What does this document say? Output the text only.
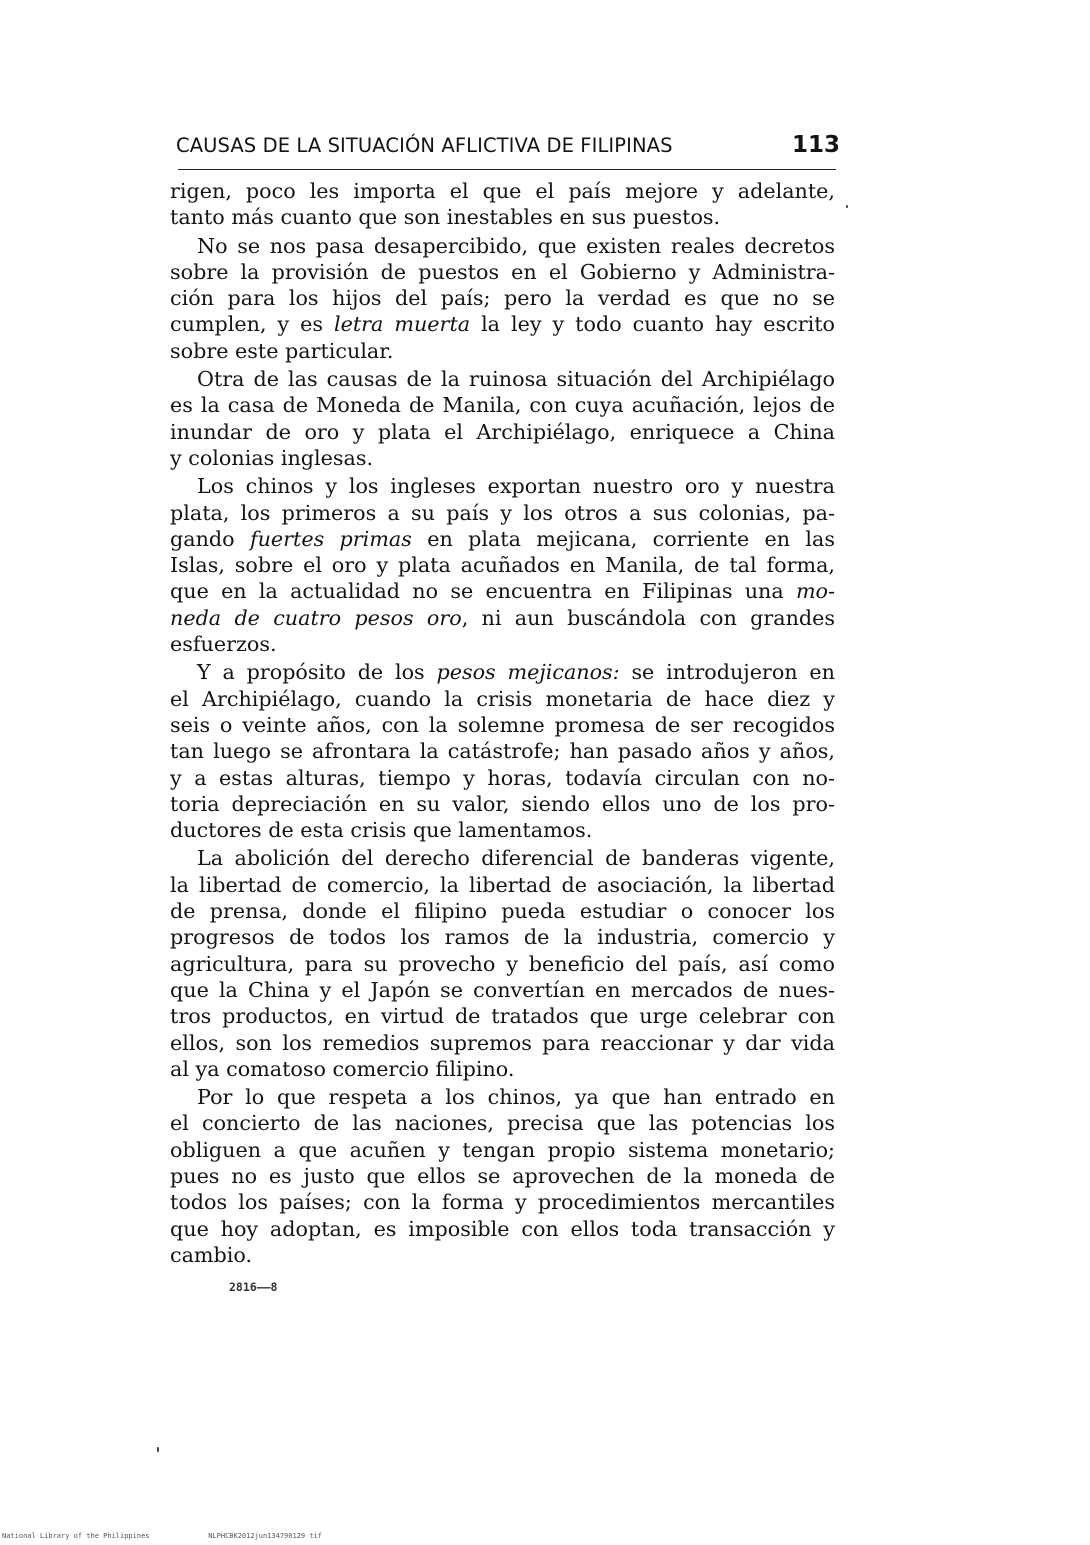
CAUSAS DE LA SITUACIÓN AFLICTIVA DE FILIPINAS	113
rigen, poco les importa el que el país mejore y adelante,
tanto más cuanto que son inestables en sus puestos.
No se nos pasa desapercibido, que existen reales decretos
sobre la provisión de puestos en el Gobierno y Administra-
ción para los hijos del país; pero la verdad es que no se
cumplen, y es letra muerta la ley y todo cuanto hay escrito
sobre este particular.
Otra de las causas de la ruinosa situación del Archipiélago
es la casa de Moneda de Manila, con cuya acuñación, lejos de
inundar de oro y plata el Archipiélago, enriquece a China
y colonias inglesas.
Los chinos y los ingleses exportan nuestro oro y nuestra
plata, los primeros a su país y los otros a sus colonias, pa-
gando fuertes primas en plata mejicana, corriente en las
Islas, sobre el oro y plata acuñados en Manila, de tal forma,
que en la actualidad no se encuentra en Filipinas una mo-
neda de cuatro pesos oro, ni aun buscándola con grandes
esfuerzos.
Y a propósito de los pesos mejicanos: se introdujeron en
el Archipiélago, cuando la crisis monetaria de hace diez y
seis o veinte años, con la solemne promesa de ser recogidos
tan luego se afrontara la catástrofe; han pasado años y años,
y a estas alturas, tiempo y horas, todavía circulan con no-
toria depreciación en su valor, siendo ellos uno de los pro-
ductores de esta crisis que lamentamos.
La abolición del derecho diferencial de banderas vigente,
la libertad de comercio, la libertad de asociación, la libertad
de prensa, donde el filipino pueda estudiar o conocer los
progresos de todos los ramos de la industria, comercio y
agricultura, para su provecho y beneficio del país, así como
que la China y el Japón se convertían en mercados de nues-
tros productos, en virtud de tratados que urge celebrar con
ellos, son los remedios supremos para reaccionar y dar vida
al ya comatoso comercio filipino.
Por lo que respeta a los chinos, ya que han entrado en
el concierto de las naciones, precisa que las potencias los
obliguen a que acuñen y tengan propio sistema monetario;
pues no es justo que ellos se aprovechen de la moneda de
todos los países; con la forma y procedimientos mercantiles
que hoy adoptan, es imposible con ellos toda transacción y
cambio.
2816——8
National Library of the Philippines	NLPHCBK2012jun134790129 tif
